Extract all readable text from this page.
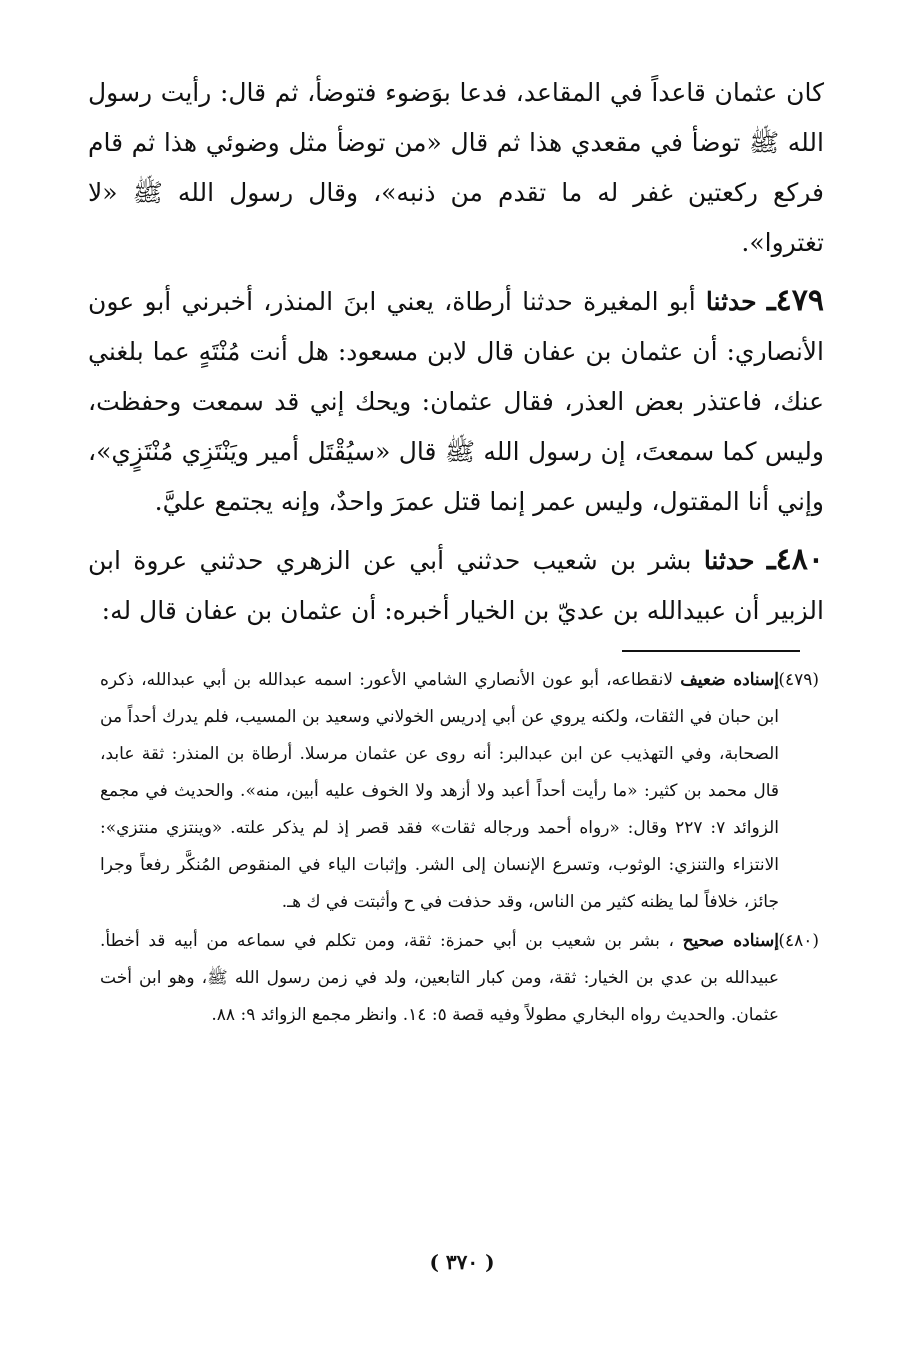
كان عثمان قاعداً في المقاعد، فدعا بوَضوء فتوضأ، ثم قال: رأيت رسول الله ﷺ توضأ في مقعدي هذا ثم قال «من توضأ مثل وضوئي هذا ثم قام فركع ركعتين غفر له ما تقدم من ذنبه»، وقال رسول الله ﷺ «لا تغتروا».

٤٧٩ـ حدثنا أبو المغيرة حدثنا أرطاة، يعني ابنَ المنذر، أخبرني أبو عون الأنصاري: أن عثمان بن عفان قال لابن مسعود: هل أنت مُنْتَهٍ عما بلغني عنك، فاعتذر بعض العذر، فقال عثمان: ويحك إني قد سمعت وحفظت، وليس كما سمعتَ، إن رسول الله ﷺ قال «سيُقْتَل أمير ويَنْتَزِي مُنْتَزٍي»، وإني أنا المقتول، وليس عمر إنما قتل عمرَ واحدٌ، وإنه يجتمع عليَّ.

٤٨٠ـ حدثنا بشر بن شعيب حدثني أبي عن الزهري حدثني عروة ابن الزبير أن عبيدالله بن عديّ بن الخيار أخبره: أن عثمان بن عفان قال له:

(٤٧٩)
إسناده ضعيف لانقطاعه، أبو عون الأنصاري الشامي الأعور: اسمه عبدالله بن أبي عبدالله، ذكره ابن حبان في الثقات، ولكنه يروي عن أبي إدريس الخولاني وسعيد بن المسيب، فلم يدرك أحداً من الصحابة، وفي التهذيب عن ابن عبدالبر: أنه روى عن عثمان مرسلا. أرطاة بن المنذر: ثقة عابد، قال محمد بن كثير: «ما رأيت أحداً أعبد ولا أزهد ولا الخوف عليه أبين، منه». والحديث في مجمع الزوائد ٧: ٢٢٧ وقال: «رواه أحمد ورجاله ثقات» فقد قصر إذ لم يذكر علته. «وينتزي منتزي»: الانتزاء والتنزي: الوثوب، وتسرع الإنسان إلى الشر. وإثبات الياء في المنقوص المُنكَّر رفعاً وجرا جائز، خلافاً لما يظنه كثير من الناس، وقد حذفت في ح وأثبتت في ك هـ.

(٤٨٠)
إسناده صحيح ، بشر بن شعيب بن أبي حمزة: ثقة، ومن تكلم في سماعه من أبيه قد أخطأ. عبيدالله بن عدي بن الخيار: ثقة، ومن كبار التابعين، ولد في زمن رسول الله ﷺ، وهو ابن أخت عثمان. والحديث رواه البخاري مطولاً وفيه قصة ٥: ١٤. وانظر مجمع الزوائد ٩: ٨٨.

( ٣٧٠ )
